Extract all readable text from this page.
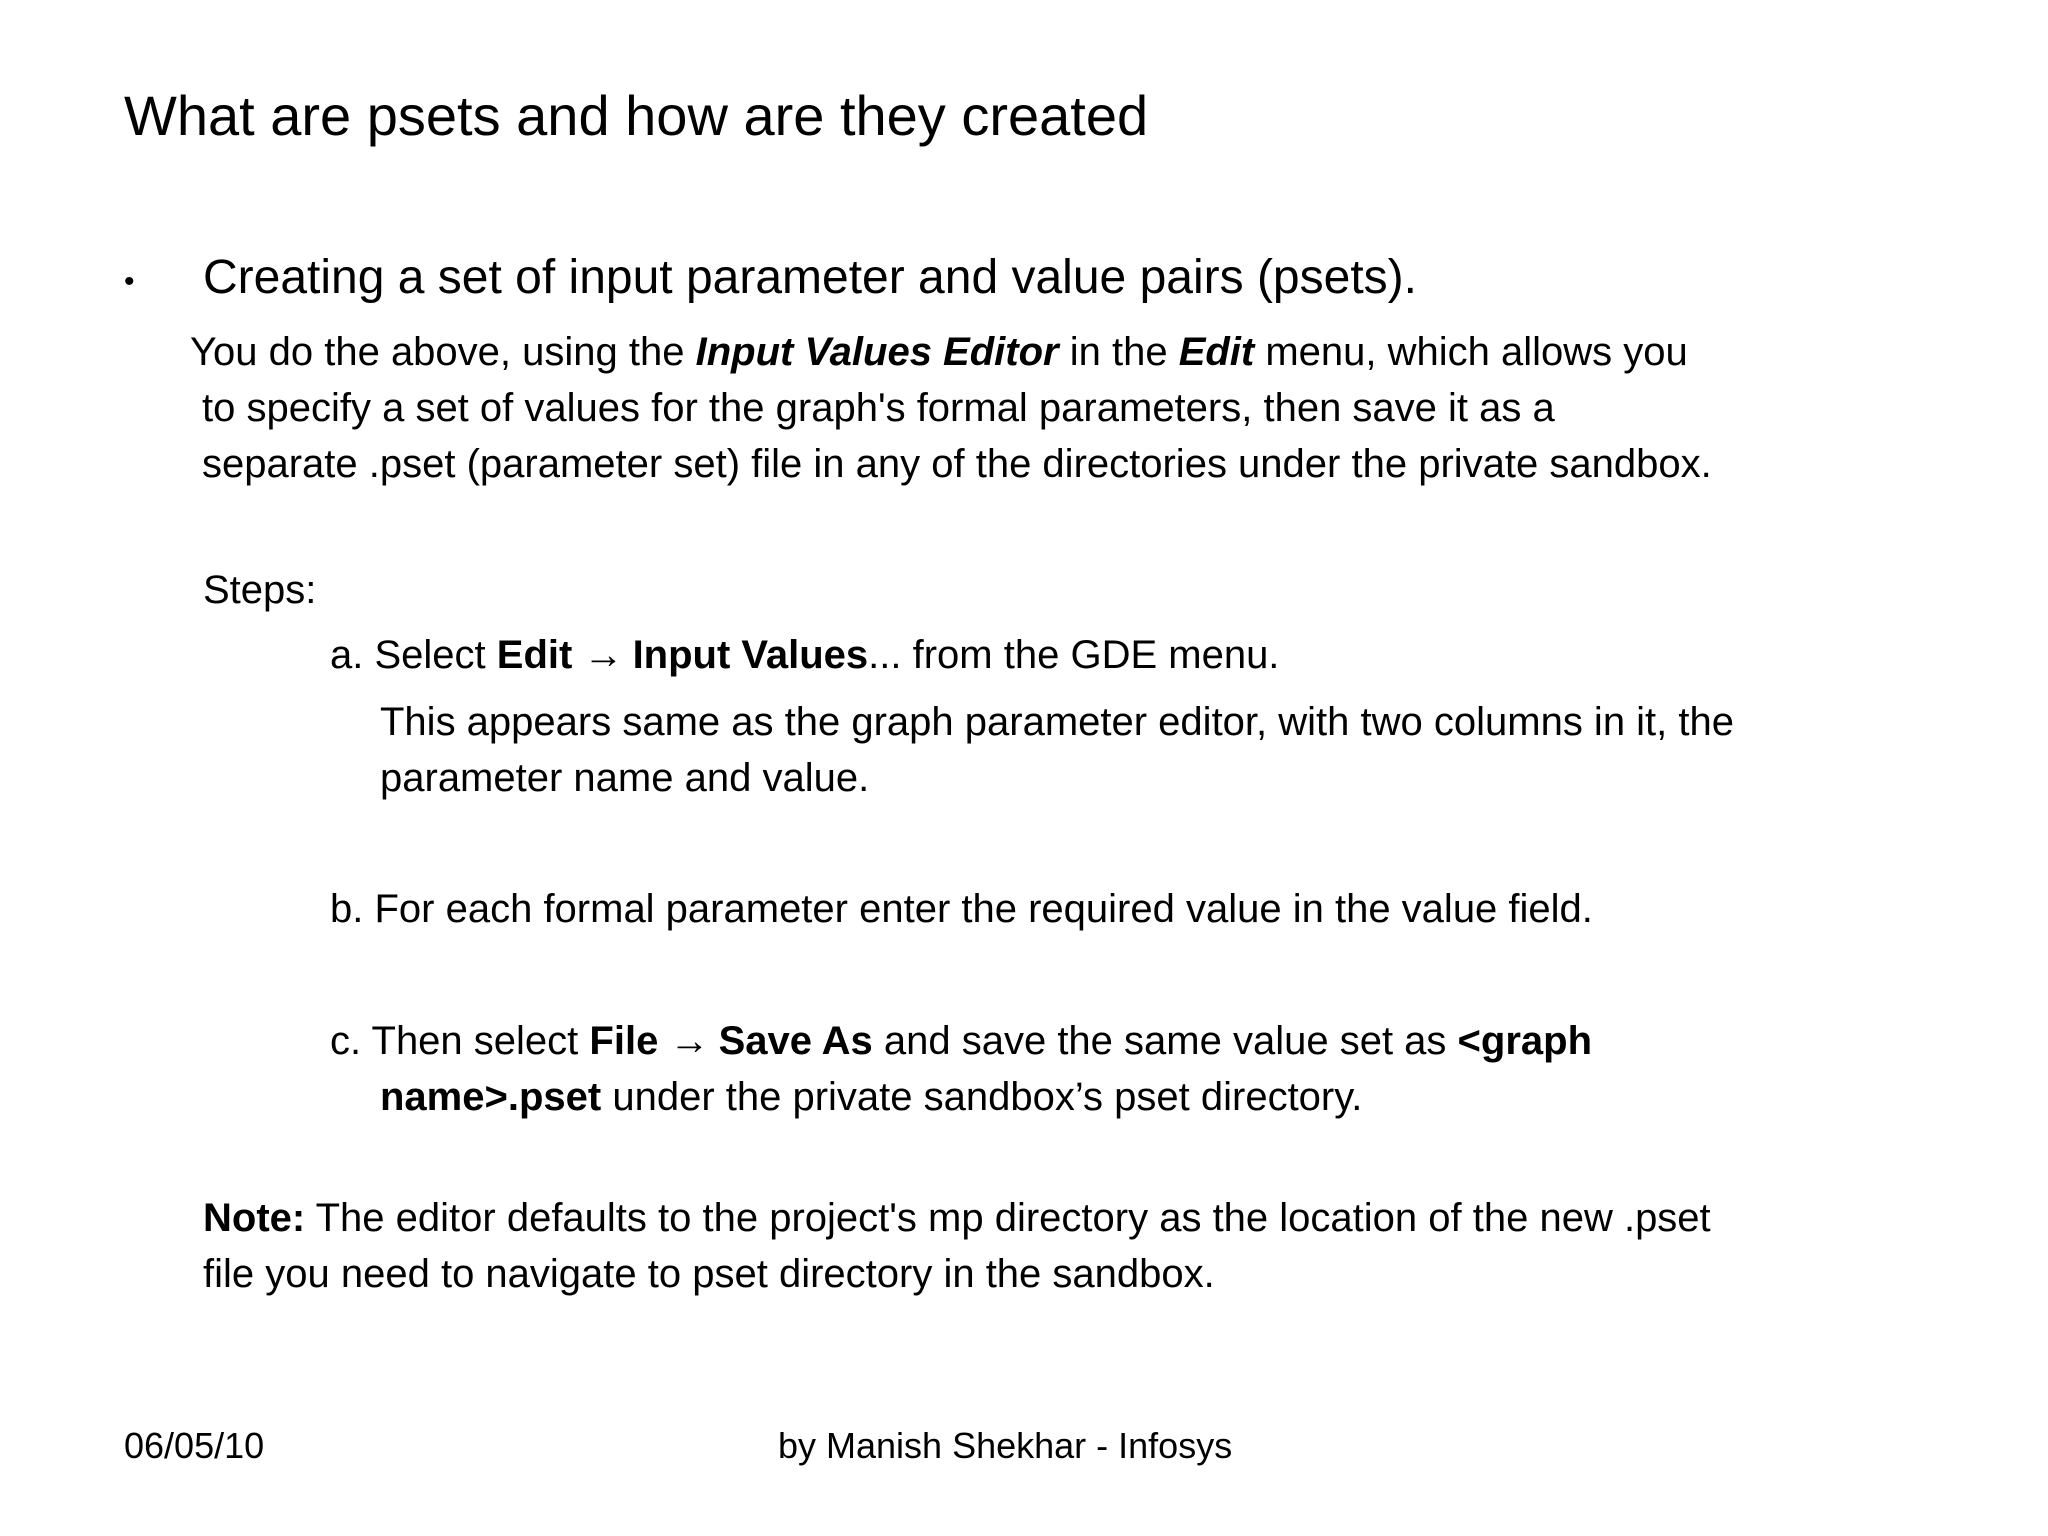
What are psets and how are they created
• Creating a set of input parameter and value pairs (psets).
You do the above, using the Input Values Editor in the Edit menu, which allows you
to specify a set of values for the graph's formal parameters, then save it as a
separate .pset (parameter set) file in any of the directories under the private sandbox.
Steps:
a. Select Edit → Input Values... from the GDE menu.
This appears same as the graph parameter editor, with two columns in it, the
parameter name and value.
b. For each formal parameter enter the required value in the value field.
c. Then select File → Save As and save the same value set as <graph
name>.pset under the private sandbox’s pset directory.
Note: The editor defaults to the project's mp directory as the location of the new .pset
file you need to navigate to pset directory in the sandbox.
06/05/10	by Manish Shekhar - Infosys
